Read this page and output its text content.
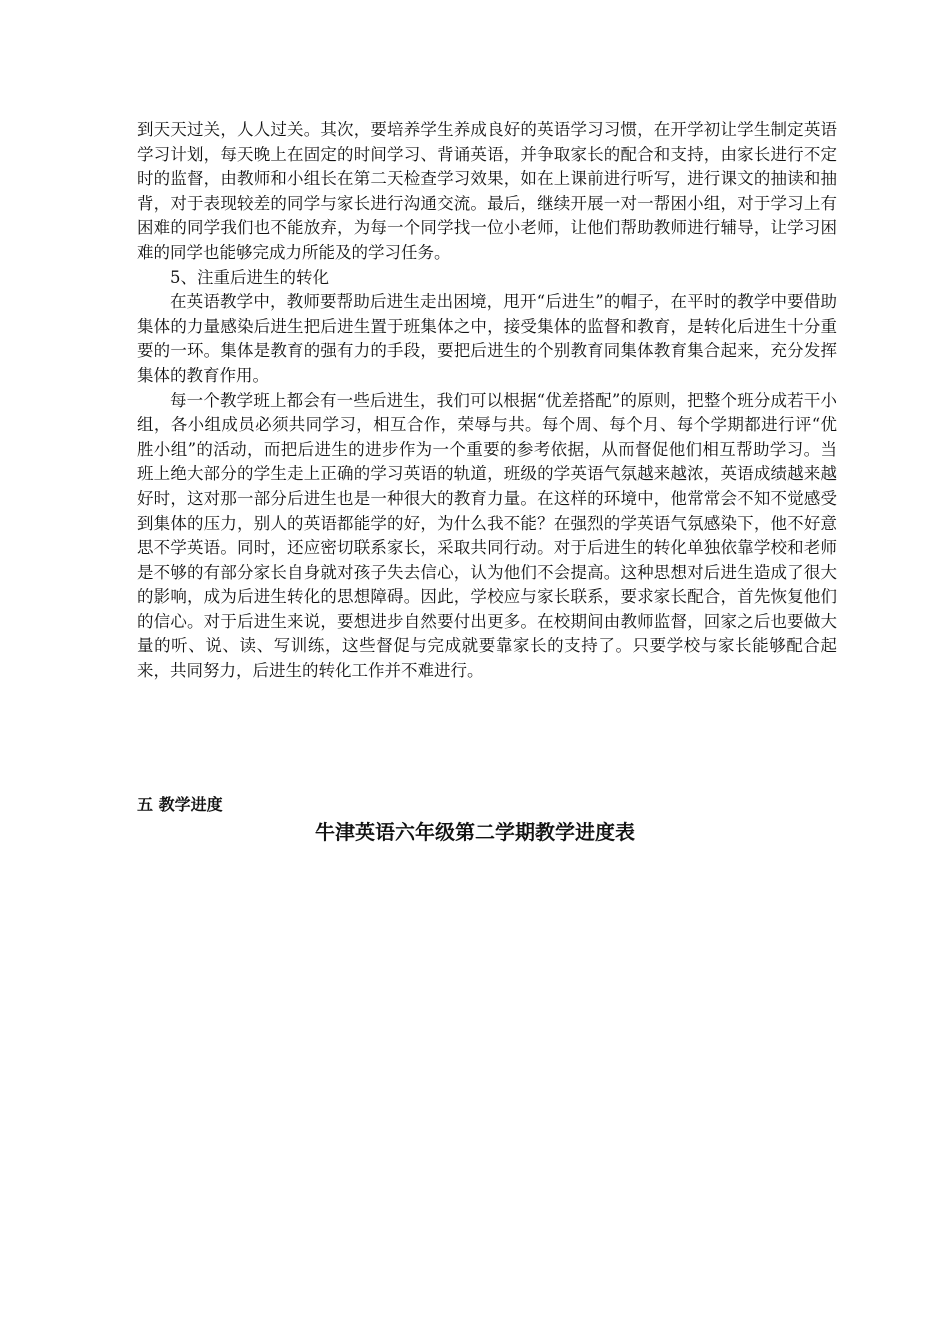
到天天过关，人人过关。其次，要培养学生养成良好的英语学习习惯，在开学初让学生制定英语学习计划，每天晚上在固定的时间学习、背诵英语，并争取家长的配合和支持，由家长进行不定时的监督，由教师和小组长在第二天检查学习效果，如在上课前进行听写，进行课文的抽读和抽背，对于表现较差的同学与家长进行沟通交流。最后，继续开展一对一帮困小组，对于学习上有困难的同学我们也不能放弃，为每一个同学找一位小老师，让他们帮助教师进行辅导，让学习困难的同学也能够完成力所能及的学习任务。

5、注重后进生的转化

在英语教学中，教师要帮助后进生走出困境，甩开“后进生”的帽子，在平时的教学中要借助集体的力量感染后进生把后进生置于班集体之中，接受集体的监督和教育，是转化后进生十分重要的一环。集体是教育的强有力的手段，要把后进生的个别教育同集体教育集合起来，充分发挥集体的教育作用。

每一个教学班上都会有一些后进生，我们可以根据“优差搭配”的原则，把整个班分成若干小组，各小组成员必须共同学习，相互合作，荣辱与共。每个周、每个月、每个学期都进行评“优胜小组”的活动，而把后进生的进步作为一个重要的参考依据，从而督促他们相互帮助学习。当班上绝大部分的学生走上正确的学习英语的轨道，班级的学英语气氛越来越浓，英语成绩越来越好时，这对那一部分后进生也是一种很大的教育力量。在这样的环境中，他常常会不知不觉感受到集体的压力，别人的英语都能学的好，为什么我不能？在强烈的学英语气氛感染下，他不好意思不学英语。同时，还应密切联系家长，采取共同行动。对于后进生的转化单独依靠学校和老师是不够的有部分家长自身就对孩子失去信心，认为他们不会提高。这种思想对后进生造成了很大的影响，成为后进生转化的思想障碍。因此，学校应与家长联系，要求家长配合，首先恢复他们的信心。对于后进生来说，要想进步自然要付出更多。在校期间由教师监督，回家之后也要做大量的听、说、读、写训练，这些督促与完成就要靠家长的支持了。只要学校与家长能够配合起来，共同努力，后进生的转化工作并不难进行。

五 教学进度
牛津英语六年级第二学期教学进度表
